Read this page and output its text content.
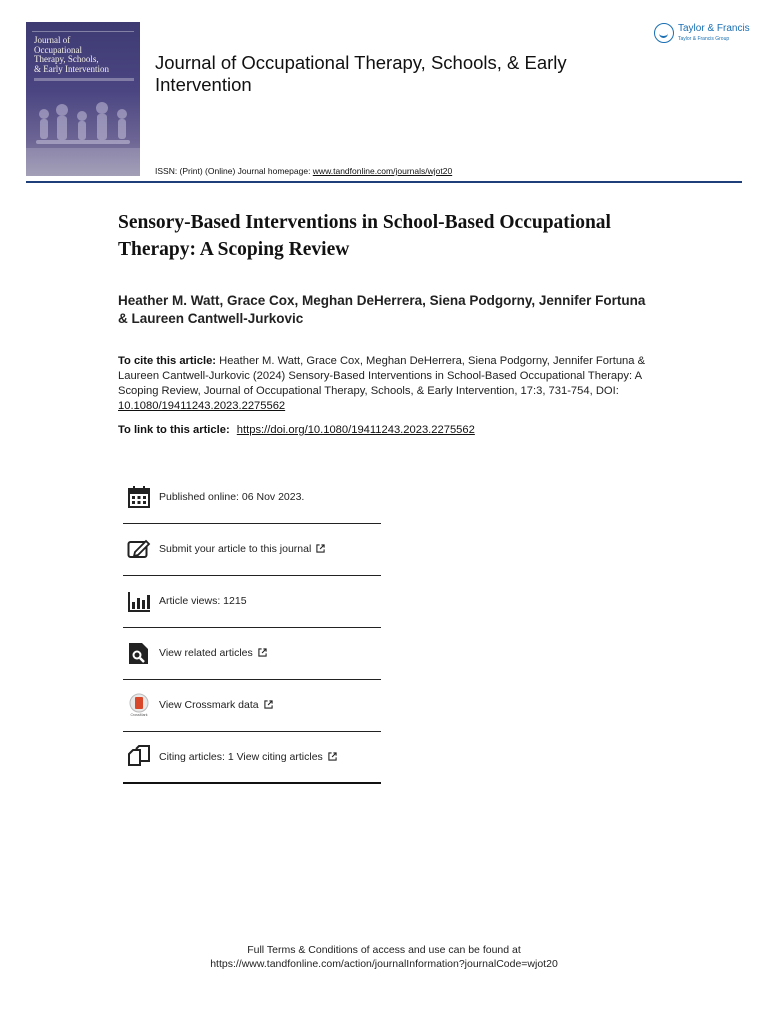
Journal of
Occupational
Therapy, Schools,
& Early Intervention
Taylor & Francis
Taylor & Francis Group
Journal of Occupational Therapy, Schools, & Early Intervention
ISSN: (Print) (Online) Journal homepage: www.tandfonline.com/journals/wjot20
Sensory-Based Interventions in School-Based Occupational Therapy: A Scoping Review
Heather M. Watt, Grace Cox, Meghan DeHerrera, Siena Podgorny, Jennifer Fortuna & Laureen Cantwell-Jurkovic
To cite this article: Heather M. Watt, Grace Cox, Meghan DeHerrera, Siena Podgorny, Jennifer Fortuna & Laureen Cantwell-Jurkovic (2024) Sensory-Based Interventions in School-Based Occupational Therapy: A Scoping Review, Journal of Occupational Therapy, Schools, & Early Intervention, 17:3, 731-754, DOI: 10.1080/19411243.2023.2275562
To link to this article: https://doi.org/10.1080/19411243.2023.2275562
Published online: 06 Nov 2023.
Submit your article to this journal
Article views: 1215
View related articles
CrossMark
View Crossmark data
Citing articles: 1 View citing articles
Full Terms & Conditions of access and use can be found at
https://www.tandfonline.com/action/journalInformation?journalCode=wjot20
